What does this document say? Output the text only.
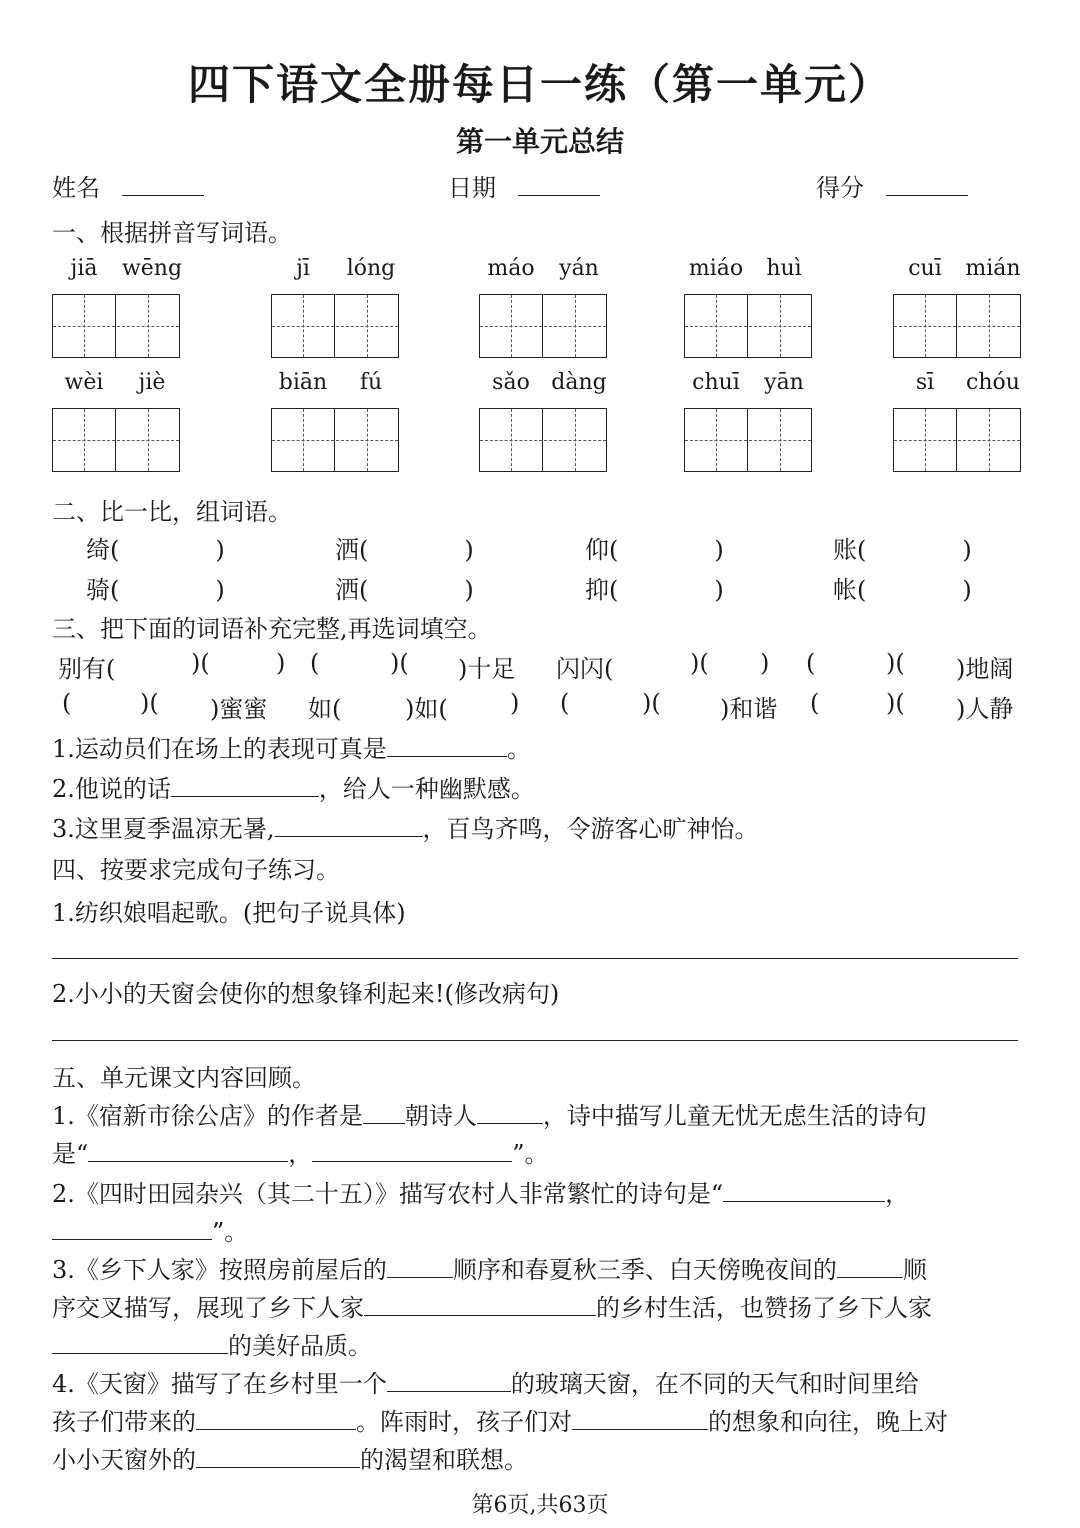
四下语文全册每日一练（第一单元）
第一单元总结
姓名	日期	得分
一、根据拼音写词语。
jiā	wēng	jī	lóng	máo	yán	miáo	huì	cuī	mián
wèi	jiè	biān	fú	sǎo dàng	chuī	yān	sī	chóu
二、比一比，组词语。
绮(	)	洒(	)	仰(	)	账(	)
骑(	)	洒(	)	抑(	)	帐(	)
三、把下面的词语补充完整,再选词填空。
别有(	)(	) (	)( )十足 闪闪(	)( ) (	)( )地阔
(	)( )蜜蜜 如(	)如(	) (	)( )和谐 (	)( )人静
1.运动员们在场上的表现可真是	。
2.他说的话	，给人一种幽默感。
3.这里夏季温凉无暑,	，百鸟齐鸣，令游客心旷神怡。
四、按要求完成句子练习。
1.纺织娘唱起歌。(把句子说具体)
2.小小的天窗会使你的想象锋利起来!(修改病句)
五、单元课文内容回顾。
1.《宿新市徐公店》的作者是 朝诗人	，诗中描写儿童无忧无虑生活的诗句
是“	，	”。
2.《四时田园杂兴（其二十五）》描写农村人非常繁忙的诗句是“	，
”。
3.《乡下人家》按照房前屋后的	顺序和春夏秋三季、白天傍晚夜间的	顺
序交叉描写，展现了乡下人家	的乡村生活，也赞扬了乡下人家
的美好品质。
4.《天窗》描写了在乡村里一个	的玻璃天窗，在不同的天气和时间里给
孩子们带来的	。阵雨时，孩子们对	的想象和向往，晚上对
小小天窗外的	的渴望和联想。
第6页,共63页
